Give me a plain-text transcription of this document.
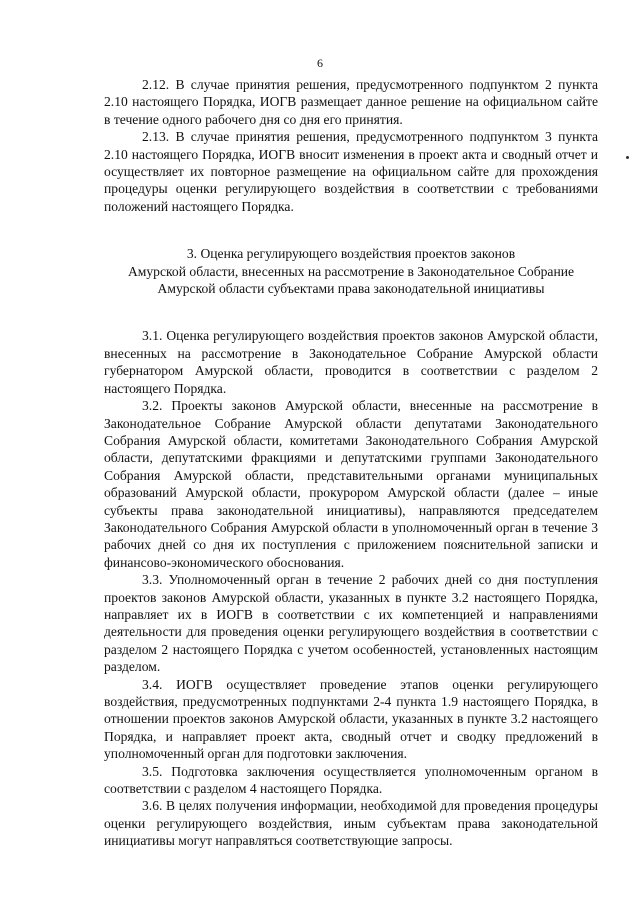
6

2.12. В случае принятия решения, предусмотренного подпунктом 2 пункта 2.10 настоящего Порядка, ИОГВ размещает данное решение на официальном сайте в течение одного рабочего дня со дня его принятия.

2.13. В случае принятия решения, предусмотренного подпунктом 3 пункта 2.10 настоящего Порядка, ИОГВ вносит изменения в проект акта и сводный отчет и осуществляет их повторное размещение на официальном сайте для прохождения процедуры оценки регулирующего воздействия в соответствии с требованиями положений настоящего Порядка.

3. Оценка регулирующего воздействия проектов законов
Амурской области, внесенных на рассмотрение в Законодательное Собрание
Амурской области субъектами права законодательной инициативы

3.1. Оценка регулирующего воздействия проектов законов Амурской области, внесенных на рассмотрение в Законодательное Собрание Амурской области губернатором Амурской области, проводится в соответствии с разделом 2 настоящего Порядка.

3.2. Проекты законов Амурской области, внесенные на рассмотрение в Законодательное Собрание Амурской области депутатами Законодательного Собрания Амурской области, комитетами Законодательного Собрания Амурской области, депутатскими фракциями и депутатскими группами Законодательного Собрания Амурской области, представительными органами муниципальных образований Амурской области, прокурором Амурской области (далее – иные субъекты права законодательной инициативы), направляются председателем Законодательного Собрания Амурской области в уполномоченный орган в течение 3 рабочих дней со дня их поступления с приложением пояснительной записки и финансово-экономического обоснования.

3.3. Уполномоченный орган в течение 2 рабочих дней со дня поступления проектов законов Амурской области, указанных в пункте 3.2 настоящего Порядка, направляет их в ИОГВ в соответствии с их компетенцией и направлениями деятельности для проведения оценки регулирующего воздействия в соответствии с разделом 2 настоящего Порядка с учетом особенностей, установленных настоящим разделом.

3.4. ИОГВ осуществляет проведение этапов оценки регулирующего воздействия, предусмотренных подпунктами 2-4 пункта 1.9 настоящего Порядка, в отношении проектов законов Амурской области, указанных в пункте 3.2 настоящего Порядка, и направляет проект акта, сводный отчет и сводку предложений в уполномоченный орган для подготовки заключения.

3.5. Подготовка заключения осуществляется уполномоченным органом в соответствии с разделом 4 настоящего Порядка.

3.6. В целях получения информации, необходимой для проведения процедуры оценки регулирующего воздействия, иным субъектам права законодательной инициативы могут направляться соответствующие запросы.
